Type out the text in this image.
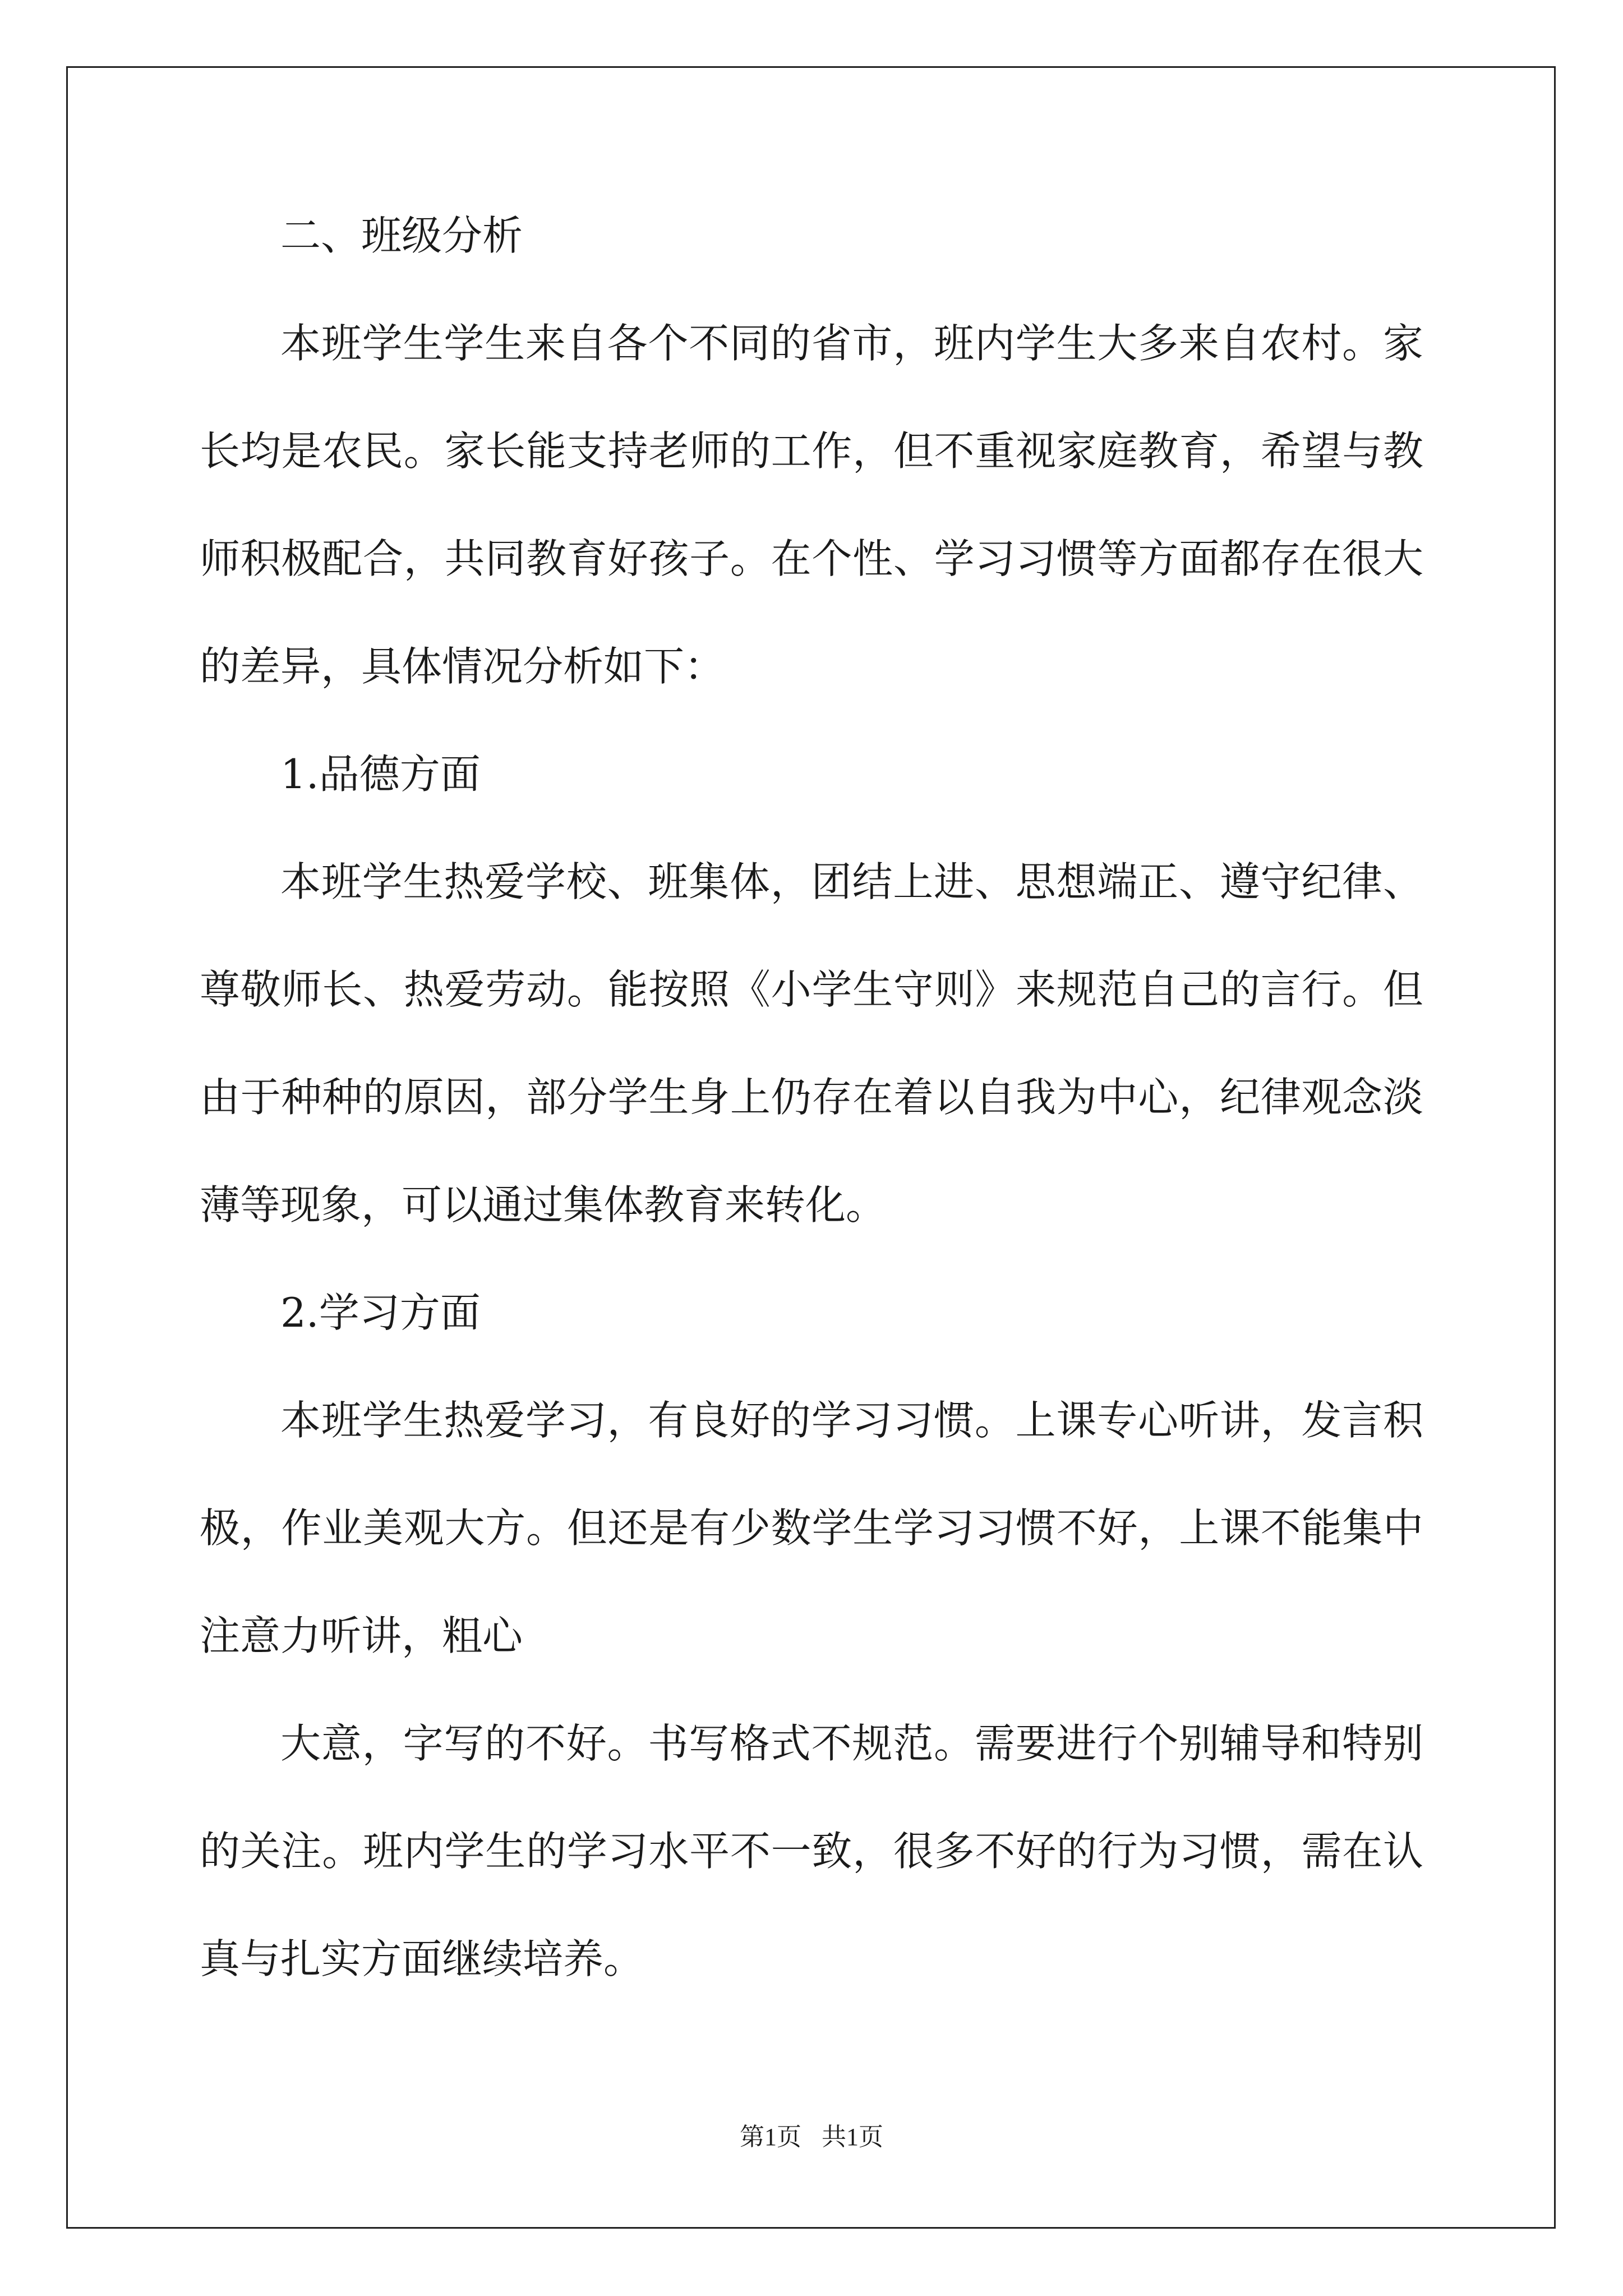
二、班级分析
本班学生学生来自各个不同的省市，班内学生大多来自农村。家
长均是农民。家长能支持老师的工作，但不重视家庭教育，希望与教
师积极配合，共同教育好孩子。在个性、学习习惯等方面都存在很大
的差异，具体情况分析如下：
1.品德方面
本班学生热爱学校、班集体，团结上进、思想端正、遵守纪律、
尊敬师长、热爱劳动。能按照《小学生守则》来规范自己的言行。但
由于种种的原因，部分学生身上仍存在着以自我为中心，纪律观念淡
薄等现象，可以通过集体教育来转化。
2.学习方面
本班学生热爱学习，有良好的学习习惯。上课专心听讲，发言积
极，作业美观大方。但还是有少数学生学习习惯不好，上课不能集中
注意力听讲，粗心
大意，字写的不好。书写格式不规范。需要进行个别辅导和特别
的关注。班内学生的学习水平不一致，很多不好的行为习惯，需在认
真与扎实方面继续培养。
第1页 共1页
